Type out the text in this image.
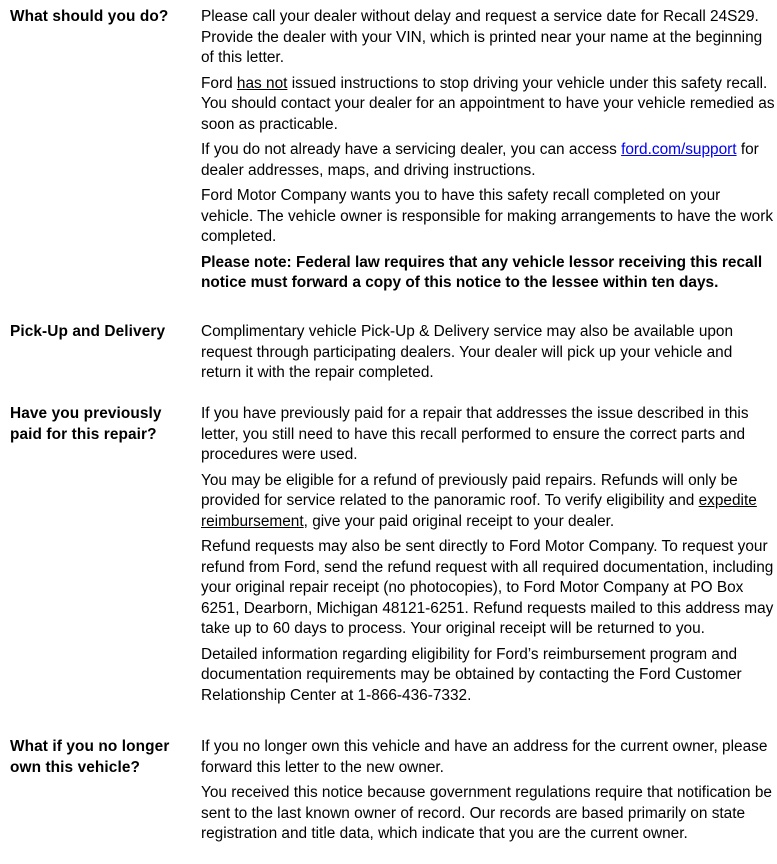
What should you do?	Please call your dealer without delay and request a service date for Recall 24S29. Provide the dealer with your VIN, which is printed near your name at the beginning of this letter.

Ford has not issued instructions to stop driving your vehicle under this safety recall. You should contact your dealer for an appointment to have your vehicle remedied as soon as practicable.

If you do not already have a servicing dealer, you can access ford.com/support for dealer addresses, maps, and driving instructions.

Ford Motor Company wants you to have this safety recall completed on your vehicle. The vehicle owner is responsible for making arrangements to have the work completed.

Please note: Federal law requires that any vehicle lessor receiving this recall notice must forward a copy of this notice to the lessee within ten days.

Pick-Up and Delivery	Complimentary vehicle Pick-Up & Delivery service may also be available upon request through participating dealers. Your dealer will pick up your vehicle and return it with the repair completed.

Have you previously
paid for this repair?

If you have previously paid for a repair that addresses the issue described in this letter, you still need to have this recall performed to ensure the correct parts and procedures were used.

You may be eligible for a refund of previously paid repairs. Refunds will only be provided for service related to the panoramic roof. To verify eligibility and expedite reimbursement, give your paid original receipt to your dealer.

Refund requests may also be sent directly to Ford Motor Company. To request your refund from Ford, send the refund request with all required documentation, including your original repair receipt (no photocopies), to Ford Motor Company at PO Box 6251, Dearborn, Michigan 48121-6251. Refund requests mailed to this address may take up to 60 days to process. Your original receipt will be returned to you.

Detailed information regarding eligibility for Ford’s reimbursement program and documentation requirements may be obtained by contacting the Ford Customer Relationship Center at 1-866-436-7332.

What if you no longer
own this vehicle?

If you no longer own this vehicle and have an address for the current owner, please forward this letter to the new owner.

You received this notice because government regulations require that notification be sent to the last known owner of record. Our records are based primarily on state registration and title data, which indicate that you are the current owner.
